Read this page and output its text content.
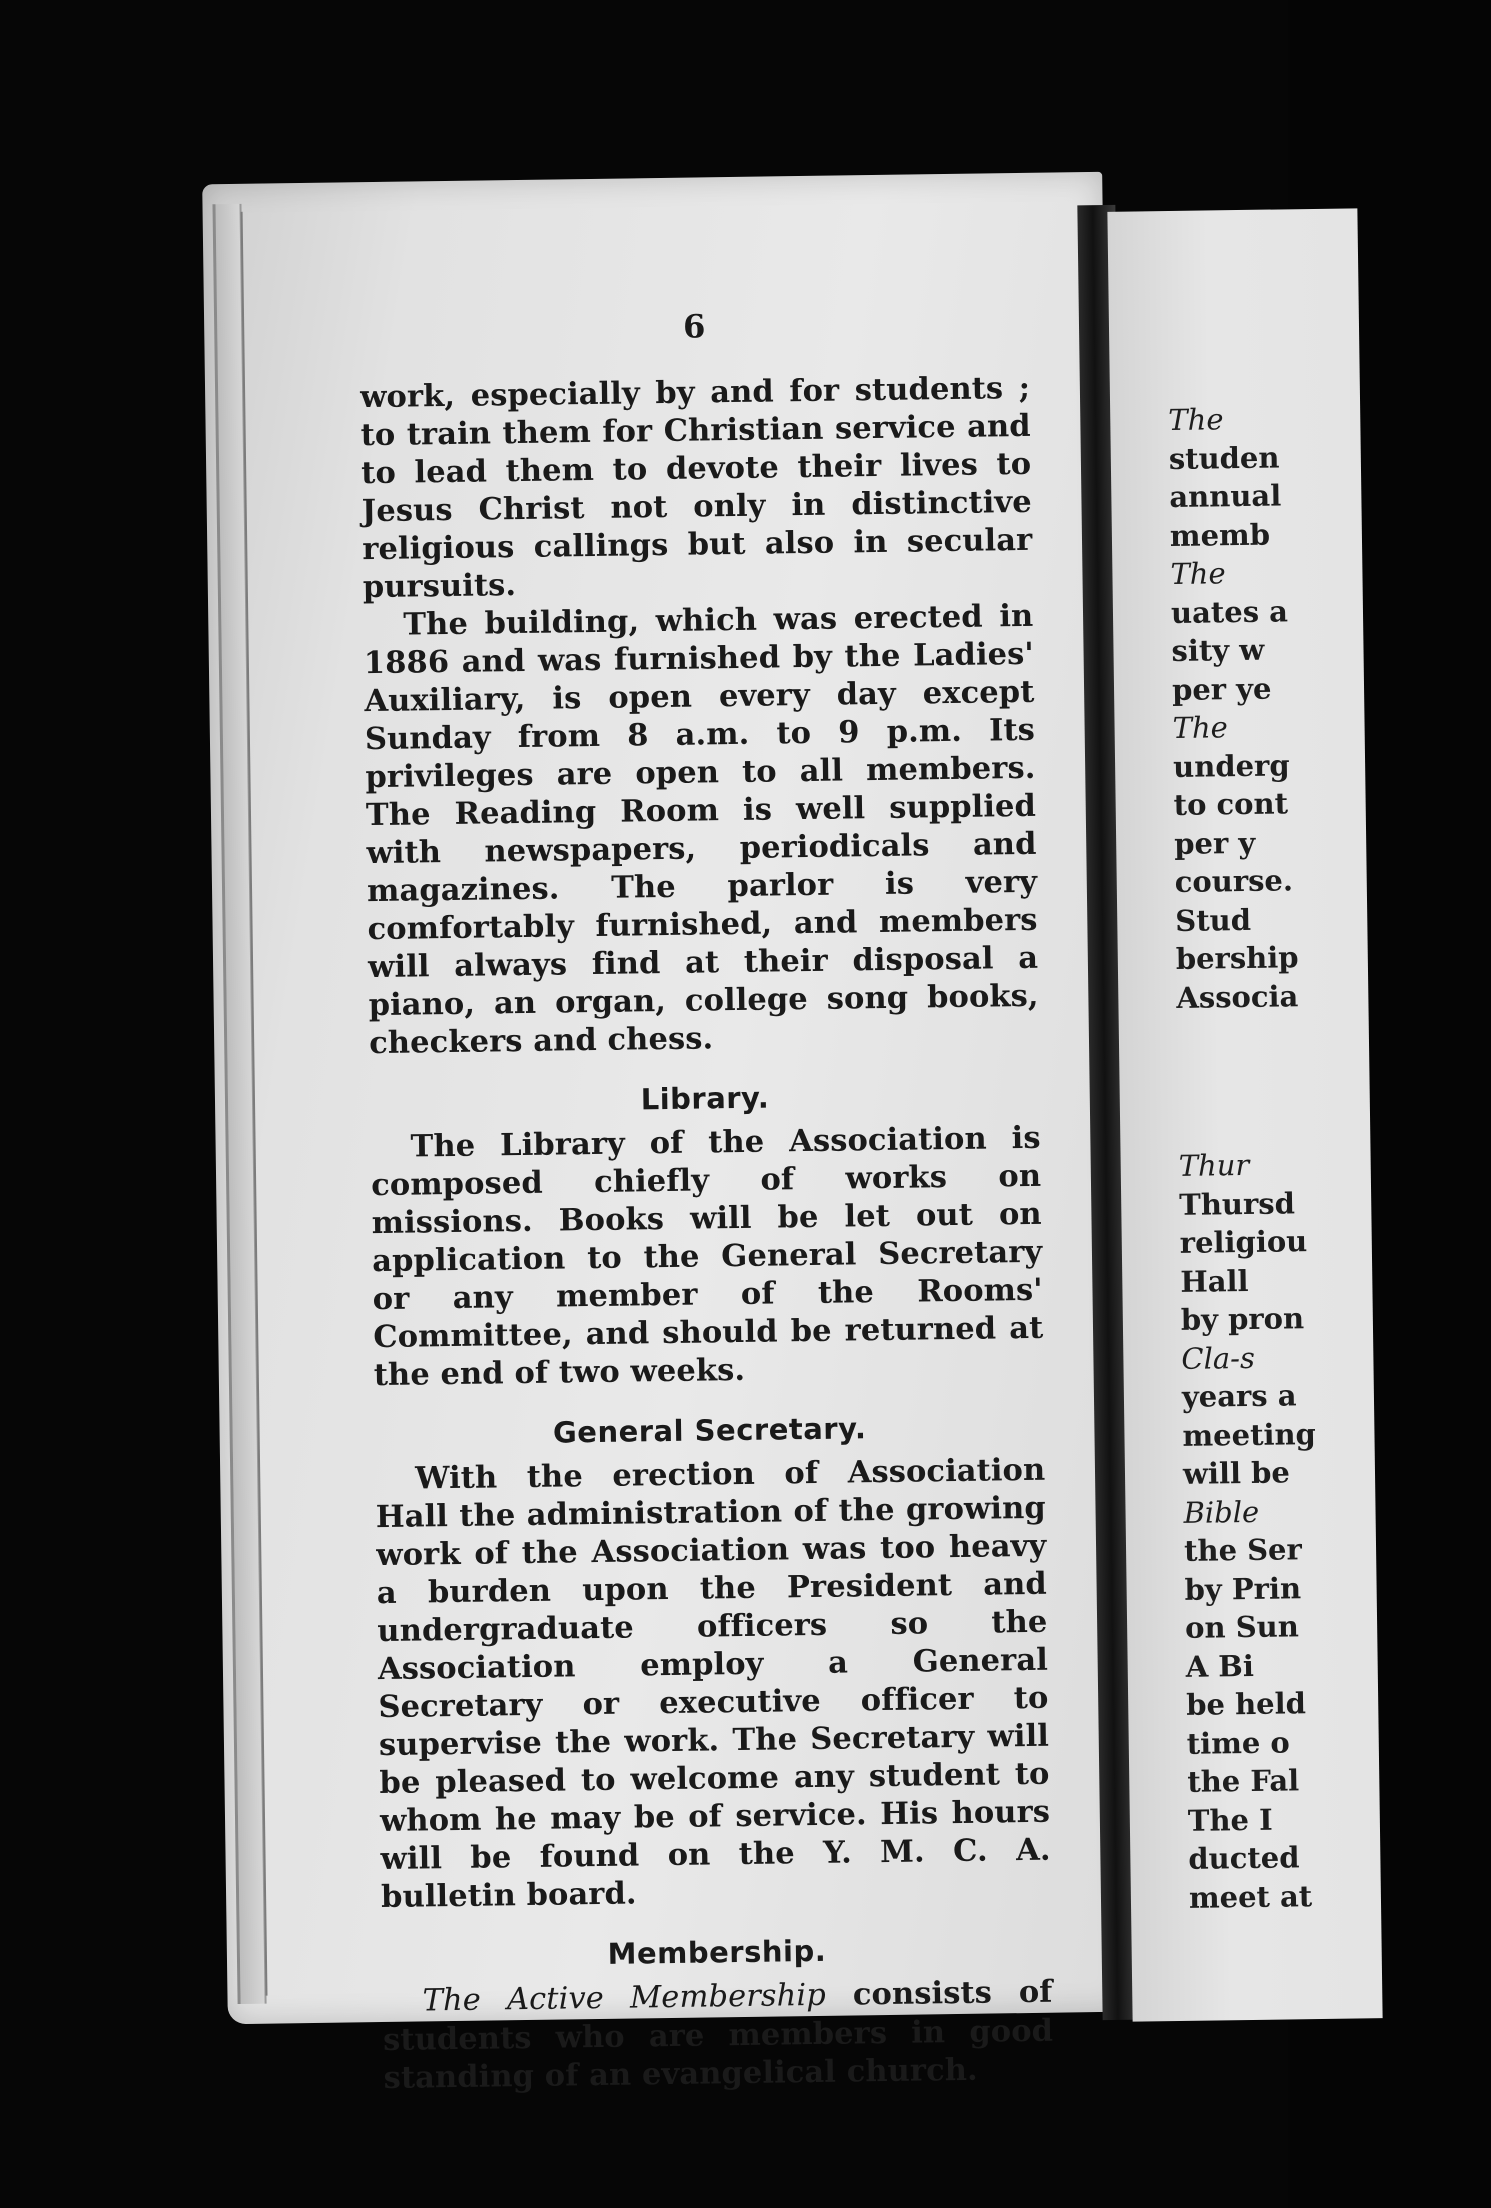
6

work, especially by and for students ; to train them for Christian service and to lead them to devote their lives to Jesus Christ not only in distinctive religious callings but also in secular pursuits.

The building, which was erected in 1886 and was furnished by the Ladies' Auxiliary, is open every day except Sunday from 8 a.m. to 9 p.m. Its privileges are open to all members. The Reading Room is well supplied with newspapers, periodicals and magazines. The parlor is very comfortably furnished, and members will always find at their disposal a piano, an organ, college song books, checkers and chess.

Library.

The Library of the Association is composed chiefly of works on missions. Books will be let out on application to the General Secretary or any member of the Rooms' Committee, and should be returned at the end of two weeks.

General Secretary.

With the erection of Association Hall the administration of the growing work of the Association was too heavy a burden upon the President and undergraduate officers so the Association employ a General Secretary or executive officer to supervise the work. The Secretary will be pleased to welcome any student to whom he may be of service. His hours will be found on the Y. M. C. A. bulletin board.

Membership.

The Active Membership consists of students who are members in good standing of an evangelical church.

The
studen
annual
memb
The
uates a
sity w
per ye
The
underg
to cont
per y
course.
Stud
bership
Associa
Thur
Thursd
religiou
Hall
by pron
Cla-s
years a
meeting
will be
Bible
the Ser
by Prin
on Sun
A Bi
be held
time o
the Fal
The I
ducted
meet at
